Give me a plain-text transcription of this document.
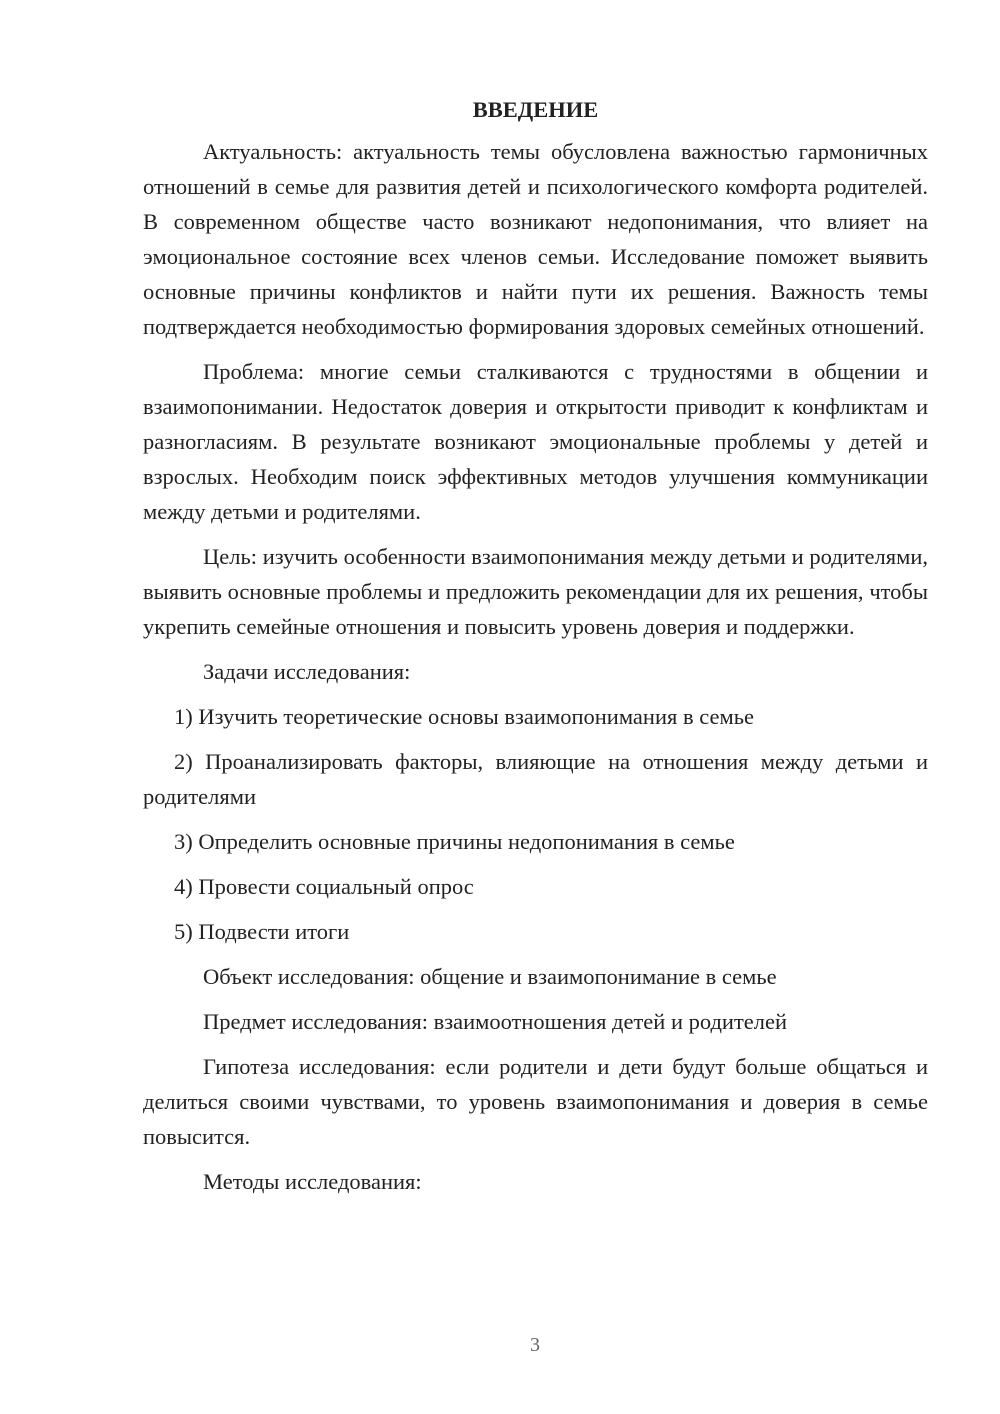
ВВЕДЕНИЕ

Актуальность: актуальность темы обусловлена важностью гармоничных отношений в семье для развития детей и психологического комфорта родителей. В современном обществе часто возникают недопонимания, что влияет на эмоциональное состояние всех членов семьи. Исследование поможет выявить основные причины конфликтов и найти пути их решения. Важность темы подтверждается необходимостью формирования здоровых семейных отношений.

Проблема: многие семьи сталкиваются с трудностями в общении и взаимопонимании. Недостаток доверия и открытости приводит к конфликтам и разногласиям. В результате возникают эмоциональные проблемы у детей и взрослых. Необходим поиск эффективных методов улучшения коммуникации между детьми и родителями.

Цель: изучить особенности взаимопонимания между детьми и родителями, выявить основные проблемы и предложить рекомендации для их решения, чтобы укрепить семейные отношения и повысить уровень доверия и поддержки.

Задачи исследования:

1) Изучить теоретические основы взаимопонимания в семье

2) Проанализировать факторы, влияющие на отношения между детьми и родителями

3) Определить основные причины недопонимания в семье

4) Провести социальный опрос

5) Подвести итоги

Объект исследования: общение и взаимопонимание в семье

Предмет исследования: взаимоотношения детей и родителей

Гипотеза исследования: если родители и дети будут больше общаться и делиться своими чувствами, то уровень взаимопонимания и доверия в семье повысится.

Методы исследования:

3
